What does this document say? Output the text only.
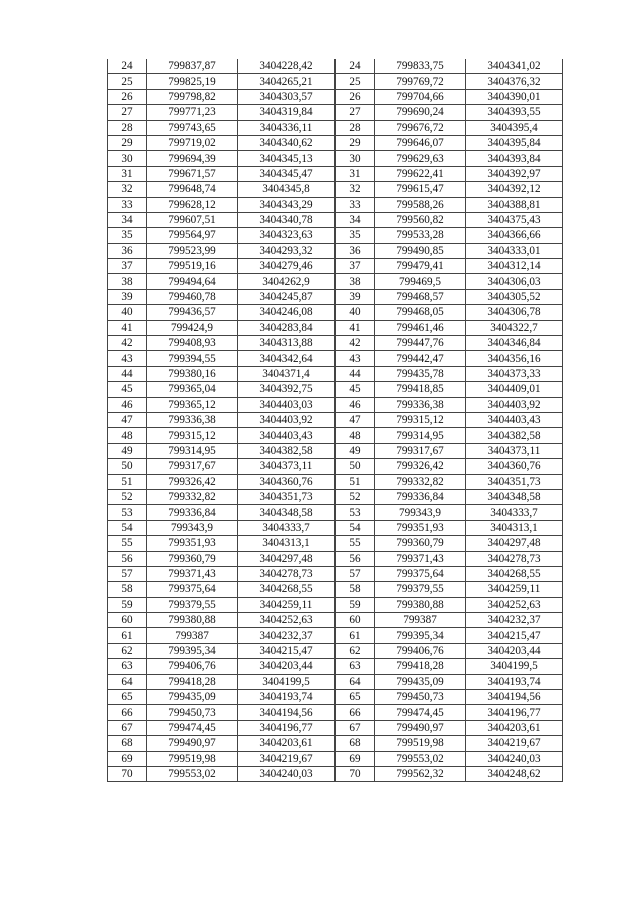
24	799837,87	3404228,42
25	799825,19	3404265,21
26	799798,82	3404303,57
27	799771,23	3404319,84
28	799743,65	3404336,11
29	799719,02	3404340,62
30	799694,39	3404345,13
31	799671,57	3404345,47
32	799648,74	3404345,8
33	799628,12	3404343,29
34	799607,51	3404340,78
35	799564,97	3404323,63
36	799523,99	3404293,32
37	799519,16	3404279,46
38	799494,64	3404262,9
39	799460,78	3404245,87
40	799436,57	3404246,08
41	799424,9	3404283,84
42	799408,93	3404313,88
43	799394,55	3404342,64
44	799380,16	3404371,4
45	799365,04	3404392,75
46	799365,12	3404403,03
47	799336,38	3404403,92
48	799315,12	3404403,43
49	799314,95	3404382,58
50	799317,67	3404373,11
51	799326,42	3404360,76
52	799332,82	3404351,73
53	799336,84	3404348,58
54	799343,9	3404333,7
55	799351,93	3404313,1
56	799360,79	3404297,48
57	799371,43	3404278,73
58	799375,64	3404268,55
59	799379,55	3404259,11
60	799380,88	3404252,63
61	799387	3404232,37
62	799395,34	3404215,47
63	799406,76	3404203,44
64	799418,28	3404199,5
65	799435,09	3404193,74
66	799450,73	3404194,56
67	799474,45	3404196,77
68	799490,97	3404203,61
69	799519,98	3404219,67
70	799553,02	3404240,03
24	799833,75	3404341,02
25	799769,72	3404376,32
26	799704,66	3404390,01
27	799690,24	3404393,55
28	799676,72	3404395,4
29	799646,07	3404395,84
30	799629,63	3404393,84
31	799622,41	3404392,97
32	799615,47	3404392,12
33	799588,26	3404388,81
34	799560,82	3404375,43
35	799533,28	3404366,66
36	799490,85	3404333,01
37	799479,41	3404312,14
38	799469,5	3404306,03
39	799468,57	3404305,52
40	799468,05	3404306,78
41	799461,46	3404322,7
42	799447,76	3404346,84
43	799442,47	3404356,16
44	799435,78	3404373,33
45	799418,85	3404409,01
46	799336,38	3404403,92
47	799315,12	3404403,43
48	799314,95	3404382,58
49	799317,67	3404373,11
50	799326,42	3404360,76
51	799332,82	3404351,73
52	799336,84	3404348,58
53	799343,9	3404333,7
54	799351,93	3404313,1
55	799360,79	3404297,48
56	799371,43	3404278,73
57	799375,64	3404268,55
58	799379,55	3404259,11
59	799380,88	3404252,63
60	799387	3404232,37
61	799395,34	3404215,47
62	799406,76	3404203,44
63	799418,28	3404199,5
64	799435,09	3404193,74
65	799450,73	3404194,56
66	799474,45	3404196,77
67	799490,97	3404203,61
68	799519,98	3404219,67
69	799553,02	3404240,03
70	799562,32	3404248,62
